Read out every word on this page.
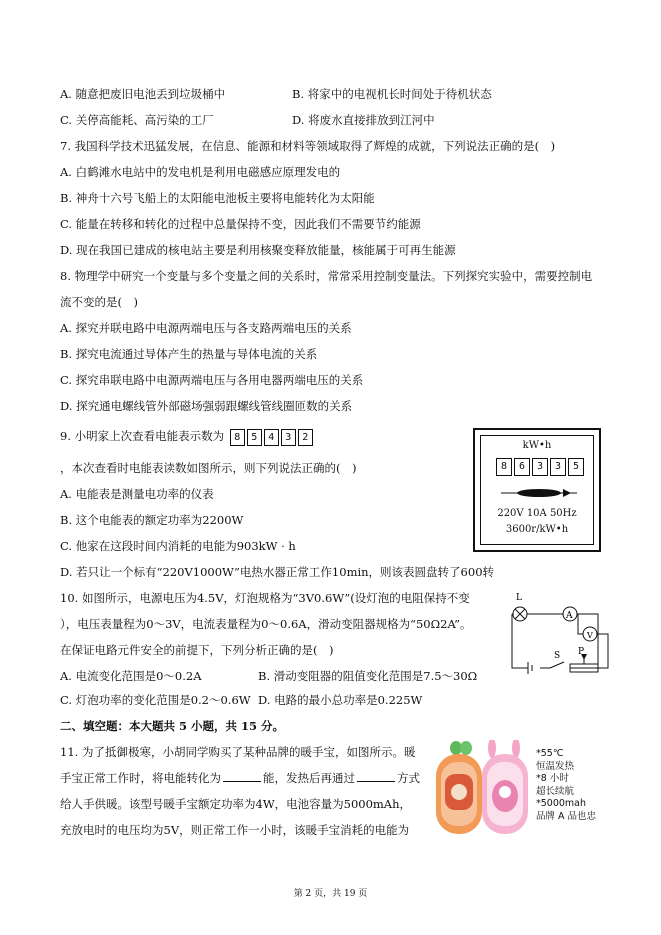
A. 随意把废旧电池丢到垃圾桶中	B. 将家中的电视机长时间处于待机状态
C. 关停高能耗、高污染的工厂	D. 将废水直接排放到江河中
7. 我国科学技术迅猛发展，在信息、能源和材料等领域取得了辉煌的成就，下列说法正确的是(　)
A. 白鹤滩水电站中的发电机是利用电磁感应原理发电的
B. 神舟十六号飞船上的太阳能电池板主要将电能转化为太阳能
C. 能量在转移和转化的过程中总量保持不变，因此我们不需要节约能源
D. 现在我国已建成的核电站主要是利用核聚变释放能量，核能属于可再生能源
8. 物理学中研究一个变量与多个变量之间的关系时，常常采用控制变量法。下列探究实验中，需要控制电
流不变的是(　)
A. 探究并联电路中电源两端电压与各支路两端电压的关系
B. 探究电流通过导体产生的热量与导体电流的关系
C. 探究串联电路中电源两端电压与各用电器两端电压的关系
D. 探究通电螺线管外部磁场强弱跟螺线管线圈匝数的关系
9. 小明家上次查看电能表示数为	8	5	4	3	2
，本次查看时电能表读数如图所示，则下列说法正确的(　)
A. 电能表是测量电功率的仪表
B. 这个电能表的额定功率为2200W
C. 他家在这段时间内消耗的电能为903kW · h
D. 若只让一个标有“220V1000W”电热水器正常工作10min，则该表圆盘转了600转
kW•h
8	6	3	3	5
220V 10A 50Hz
3600r/kW•h
10. 如图所示，电源电压为4.5V，灯泡规格为“3V0.6W”(设灯泡的电阻保持不变
），电压表量程为0～3V，电流表量程为0～0.6A，滑动变阻器规格为“50Ω2A”。
在保证电路元件安全的前提下，下列分析正确的是(　)
A. 电流变化范围是0～0.2A	B. 滑动变阻器的阻值变化范围是7.5～30Ω
C. 灯泡功率的变化范围是0.2～0.6W D. 电路的最小总功率是0.225W
L
A
V
S P
二、填空题：本大题共 5 小题，共 15 分。
11. 为了抵御极寒，小胡同学购买了某种品牌的暖手宝，如图所示。暖
手宝正常工作时，将电能转化为	能，发热后再通过	方式
给人手供暖。该型号暖手宝额定功率为4W，电池容量为5000mAh，
充放电时的电压均为5V，则正常工作一小时，该暖手宝消耗的电能为
*55℃
恒温发热
*8 小时
超长续航
*5000mah
品牌 A 品也忠
第 2 页，共 19 页
